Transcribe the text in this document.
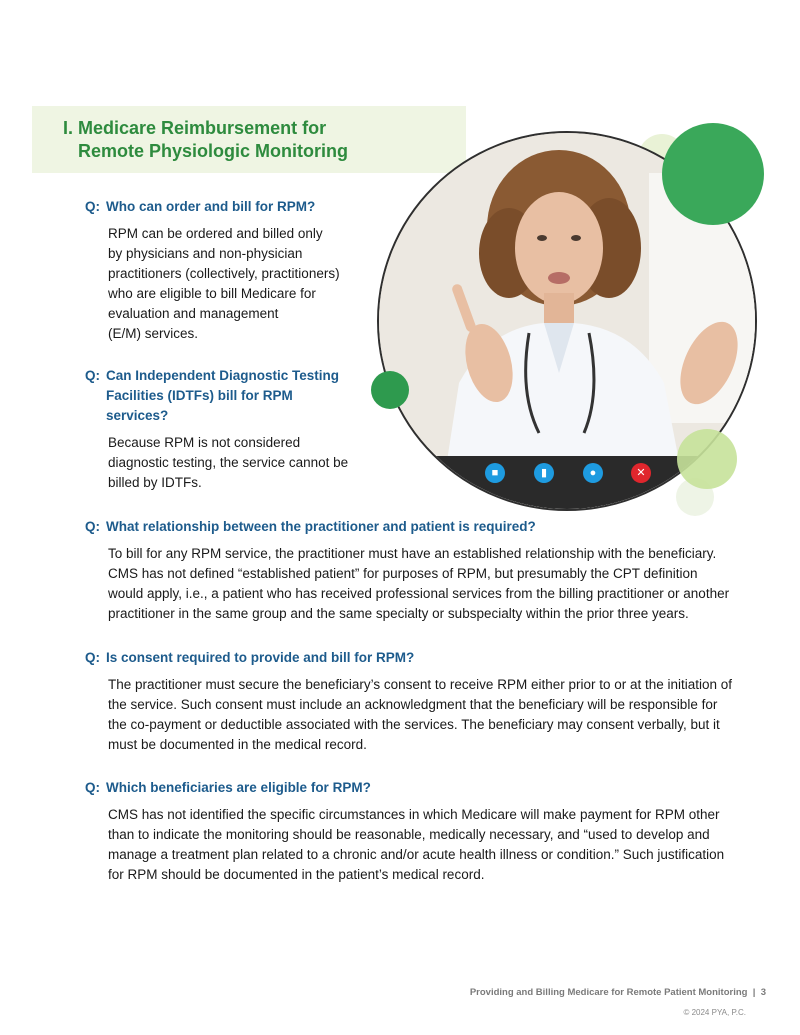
I. Medicare Reimbursement for
Remote Physiologic Monitoring
■	▮	●	✕
Q: Who can order and bill for RPM?
RPM can be ordered and billed only
by physicians and non-physician
practitioners (collectively, practitioners)
who are eligible to bill Medicare for
evaluation and management
(E/M) services.
Q: Can Independent Diagnostic Testing
Facilities (IDTFs) bill for RPM
services?
Because RPM is not considered
diagnostic testing, the service cannot be
billed by IDTFs.
Q: What relationship between the practitioner and patient is required?
To bill for any RPM service, the practitioner must have an established relationship with the beneficiary.
CMS has not defined “established patient” for purposes of RPM, but presumably the CPT definition
would apply, i.e., a patient who has received professional services from the billing practitioner or another
practitioner in the same group and the same specialty or subspecialty within the prior three years.
Q: Is consent required to provide and bill for RPM?
The practitioner must secure the beneficiary’s consent to receive RPM either prior to or at the initiation of
the service. Such consent must include an acknowledgment that the beneficiary will be responsible for
the co-payment or deductible associated with the services. The beneficiary may consent verbally, but it
must be documented in the medical record.
Q: Which beneficiaries are eligible for RPM?
CMS has not identified the specific circumstances in which Medicare will make payment for RPM other
than to indicate the monitoring should be reasonable, medically necessary, and “used to develop and
manage a treatment plan related to a chronic and/or acute health illness or condition.” Such justification
for RPM should be documented in the patient’s medical record.
Providing and Billing Medicare for Remote Patient Monitoring | 3
© 2024 PYA, P.C.
